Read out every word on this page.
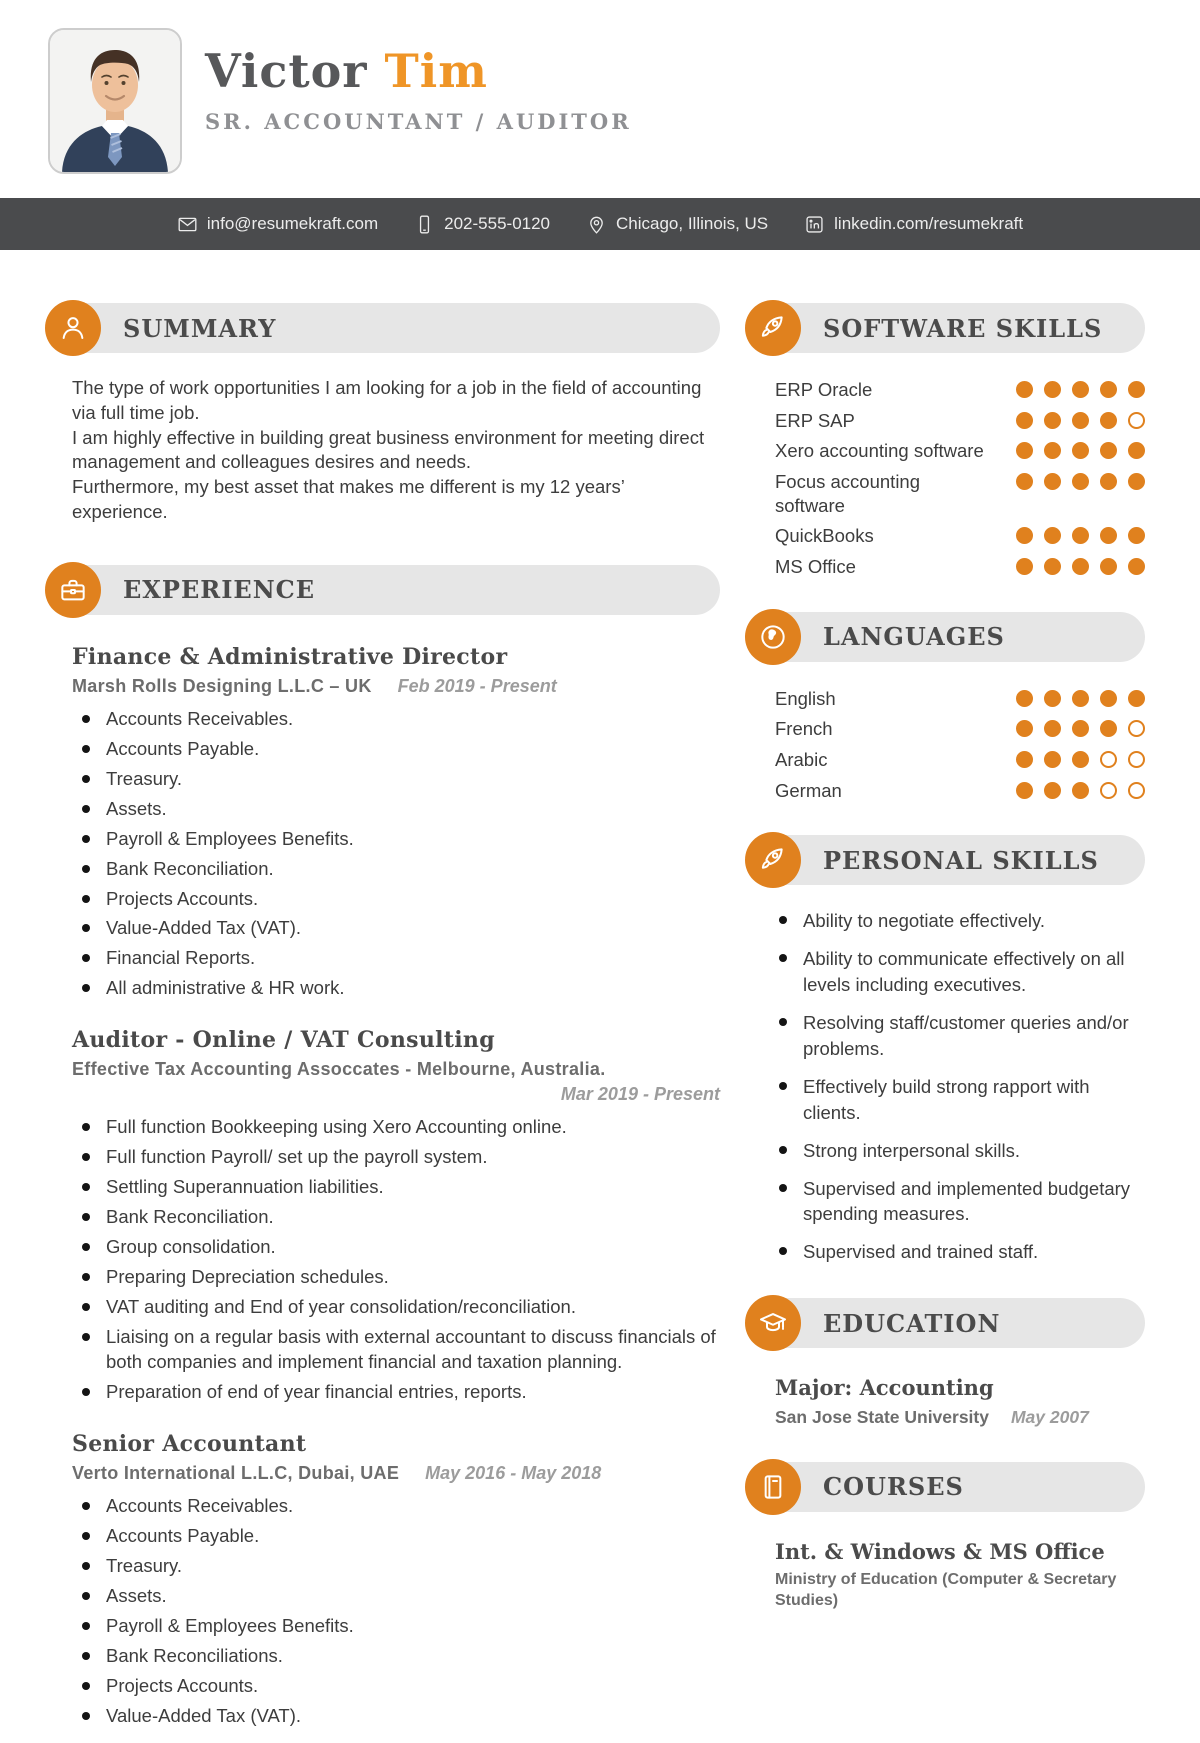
Victor Tim
SR. ACCOUNTANT / AUDITOR
info@resumekraft.com	202-555-0120	Chicago, Illinois, US	linkedin.com/resumekraft
SUMMARY
The type of work opportunities I am looking for a job in the field of accounting via full time job.
I am highly effective in building great business environment for meeting direct management and colleagues desires and needs.
Furthermore, my best asset that makes me different is my 12 years’ experience.
EXPERIENCE
Finance & Administrative Director
Marsh Rolls Designing L.L.C – UK Feb 2019 - Present
Accounts Receivables.
Accounts Payable.
Treasury.
Assets.
Payroll & Employees Benefits.
Bank Reconciliation.
Projects Accounts.
Value-Added Tax (VAT).
Financial Reports.
All administrative & HR work.
Auditor - Online / VAT Consulting
Effective Tax Accounting Assoccates - Melbourne, Australia.
Mar 2019 - Present
Full function Bookkeeping using Xero Accounting online.
Full function Payroll/ set up the payroll system.
Settling Superannuation liabilities.
Bank Reconciliation.
Group consolidation.
Preparing Depreciation schedules.
VAT auditing and End of year consolidation/reconciliation.
Liaising on a regular basis with external accountant to discuss financials of both companies and implement financial and taxation planning.
Preparation of end of year financial entries, reports.
Senior Accountant
Verto International L.L.C, Dubai, UAE May 2016 - May 2018
Accounts Receivables.
Accounts Payable.
Treasury.
Assets.
Payroll & Employees Benefits.
Bank Reconciliations.
Projects Accounts.
Value-Added Tax (VAT).
SOFTWARE SKILLS
ERP Oracle
ERP SAP
Xero accounting software
Focus accounting software
QuickBooks
MS Office
LANGUAGES
English
French
Arabic
German
PERSONAL SKILLS
Ability to negotiate effectively.
Ability to communicate effectively on all levels including executives.
Resolving staff/customer queries and/or problems.
Effectively build strong rapport with clients.
Strong interpersonal skills.
Supervised and implemented budgetary spending measures.
Supervised and trained staff.
EDUCATION
Major: Accounting
San Jose State University May 2007
COURSES
Int. & Windows & MS Office
Ministry of Education (Computer & Secretary Studies)
